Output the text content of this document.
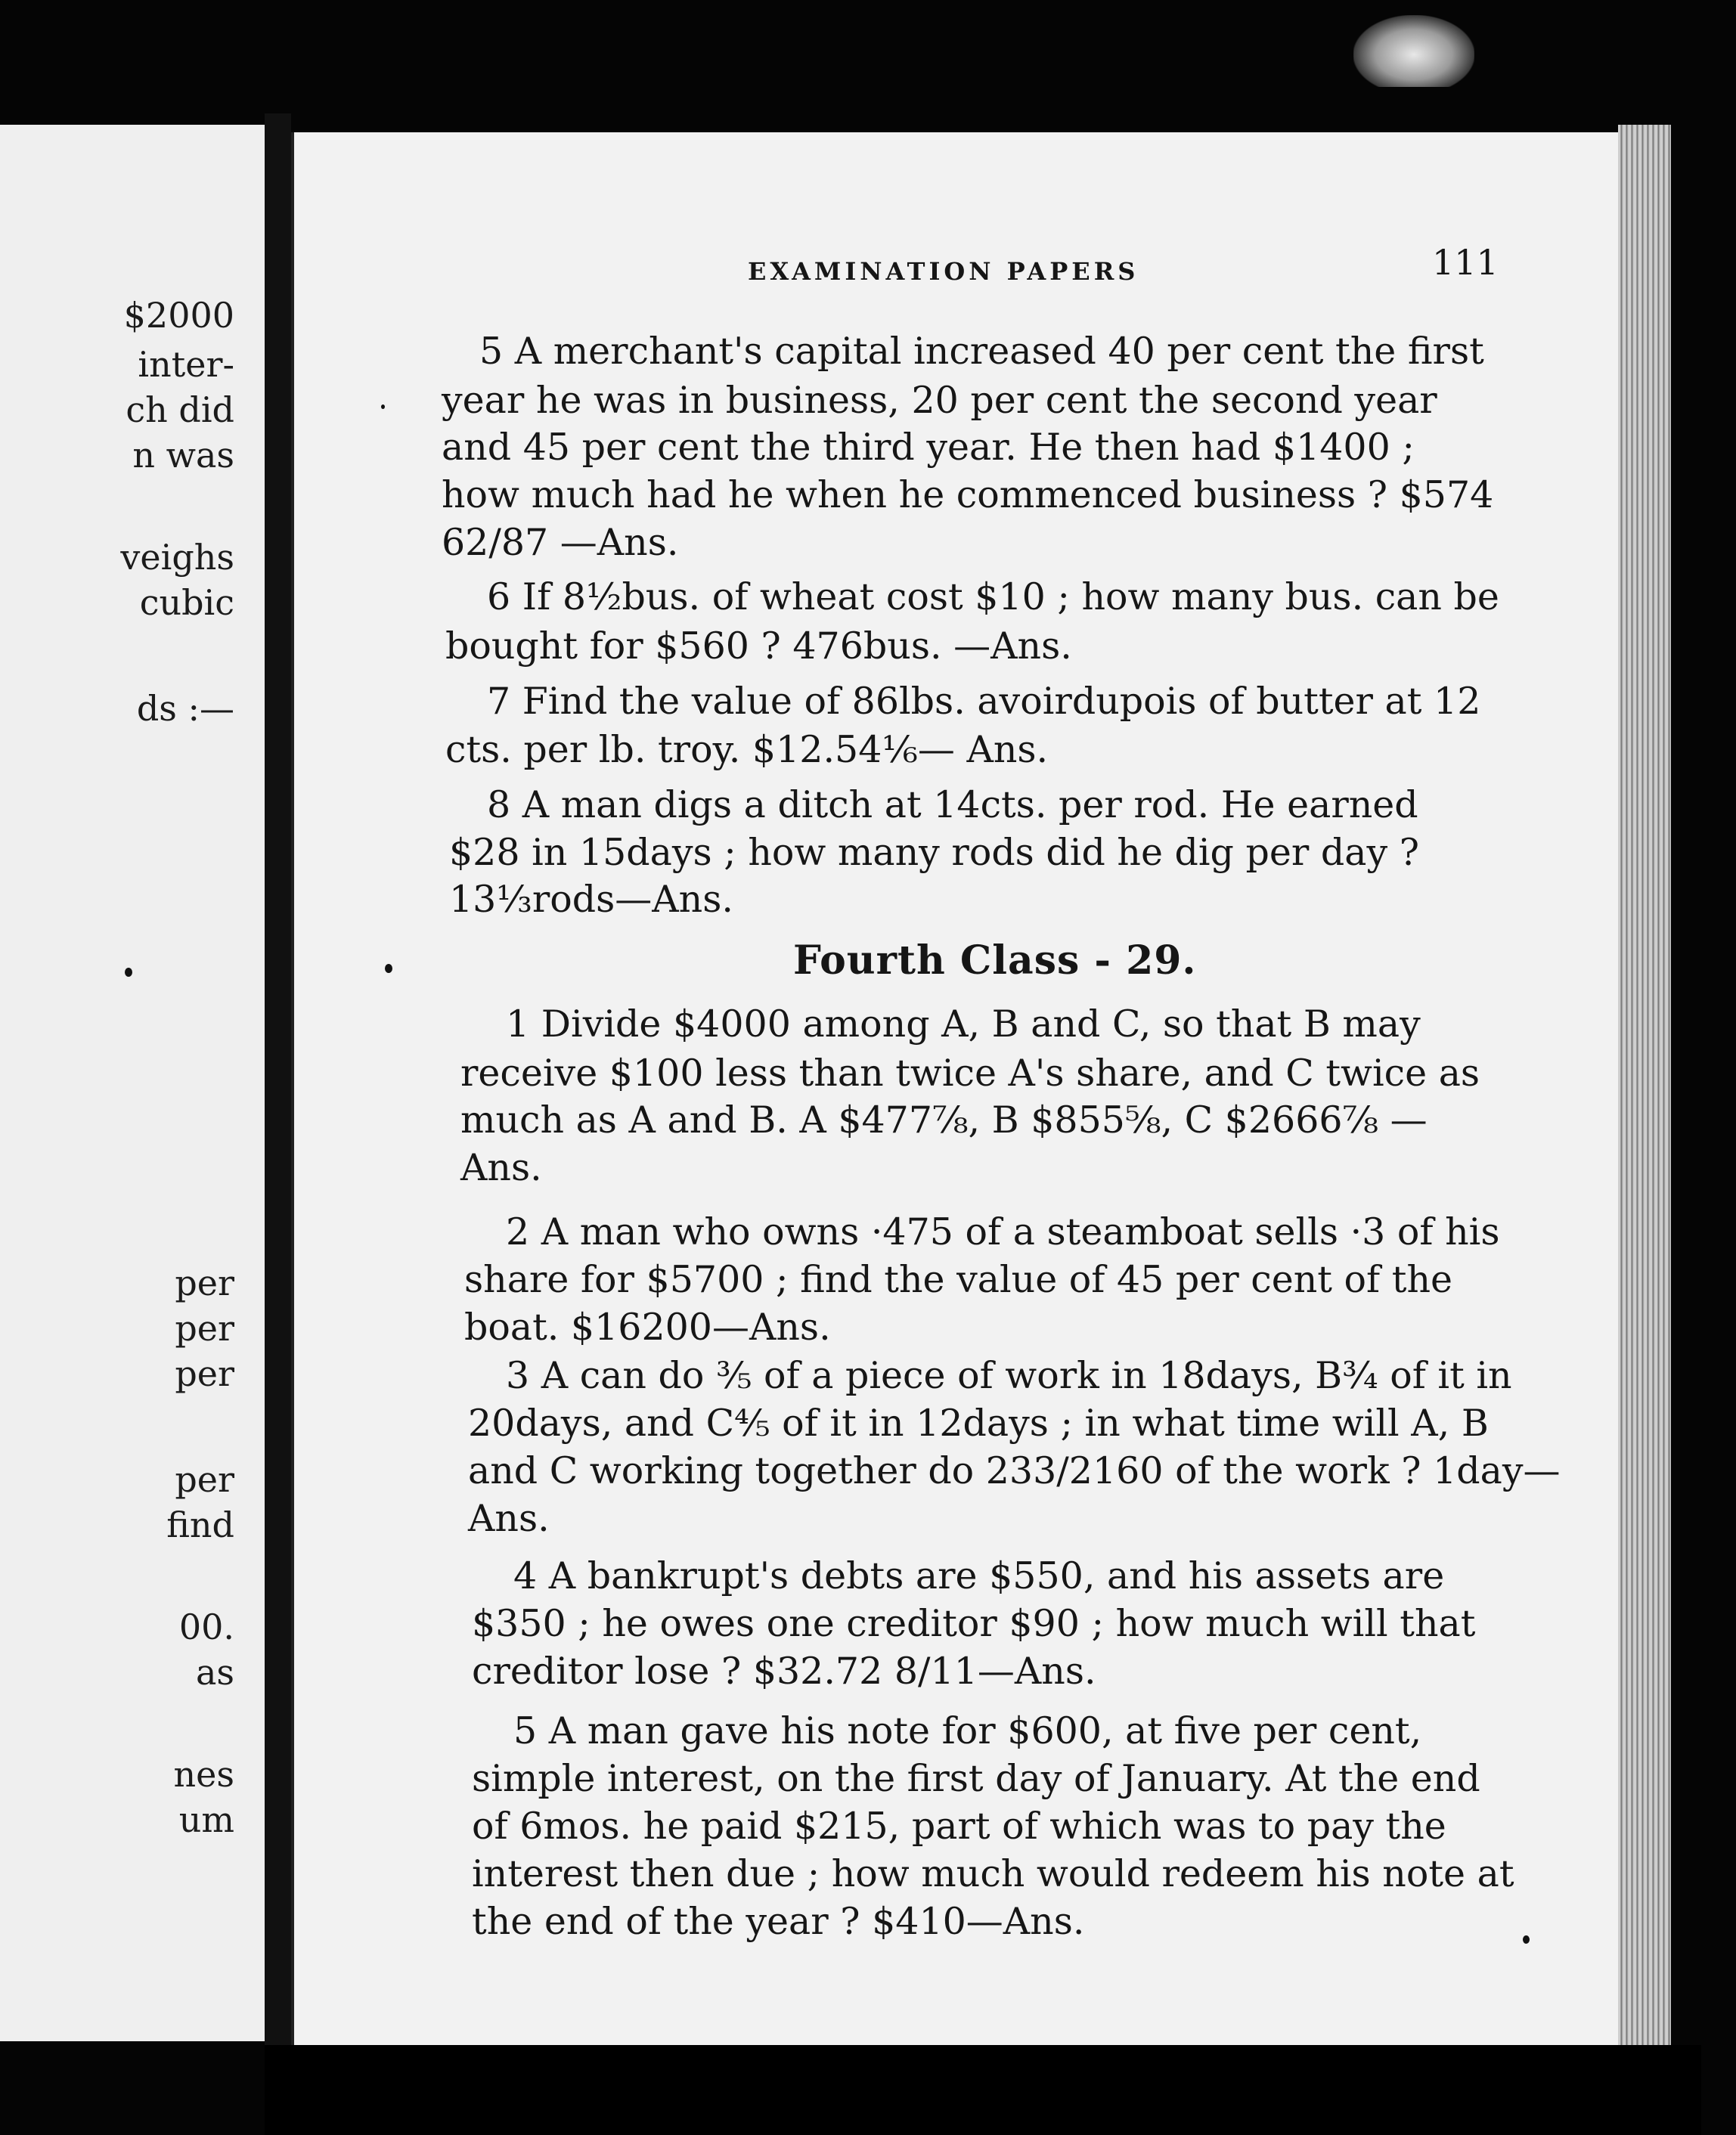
$2000
inter-
ch did
n was
veighs
cubic
ds :—
per
per
per
per
find
00.
as
nes
um
EXAMINATION PAPERS	111
5 A merchant's capital increased 40 per cent the first
year he was in business, 20 per cent the second year
and 45 per cent the third year. He then had $1400 ;
how much had he when he commenced business ? $574
62/87 —Ans.
6 If 8½bus. of wheat cost $10 ; how many bus. can be
bought for $560 ? 476bus. —Ans.
7 Find the value of 86lbs. avoirdupois of butter at 12
cts. per lb. troy. $12.54⅙— Ans.
8 A man digs a ditch at 14cts. per rod. He earned
$28 in 15days ; how many rods did he dig per day ?
13⅓rods—Ans.
Fourth Class - 29.
1 Divide $4000 among A, B and C, so that B may
receive $100 less than twice A's share, and C twice as
much as A and B. A $477⅞, B $855⅝, C $2666⅞ —
Ans.
2 A man who owns ·475 of a steamboat sells ·3 of his
share for $5700 ; find the value of 45 per cent of the
boat. $16200—Ans.
3 A can do ⅗ of a piece of work in 18days, B¾ of it in
20days, and C⅘ of it in 12days ; in what time will A, B
and C working together do 233/2160 of the work ? 1day—
Ans.
4 A bankrupt's debts are $550, and his assets are
$350 ; he owes one creditor $90 ; how much will that
creditor lose ? $32.72 8/11—Ans.
5 A man gave his note for $600, at five per cent,
simple interest, on the first day of January. At the end
of 6mos. he paid $215, part of which was to pay the
interest then due ; how much would redeem his note at
the end of the year ? $410—Ans.
